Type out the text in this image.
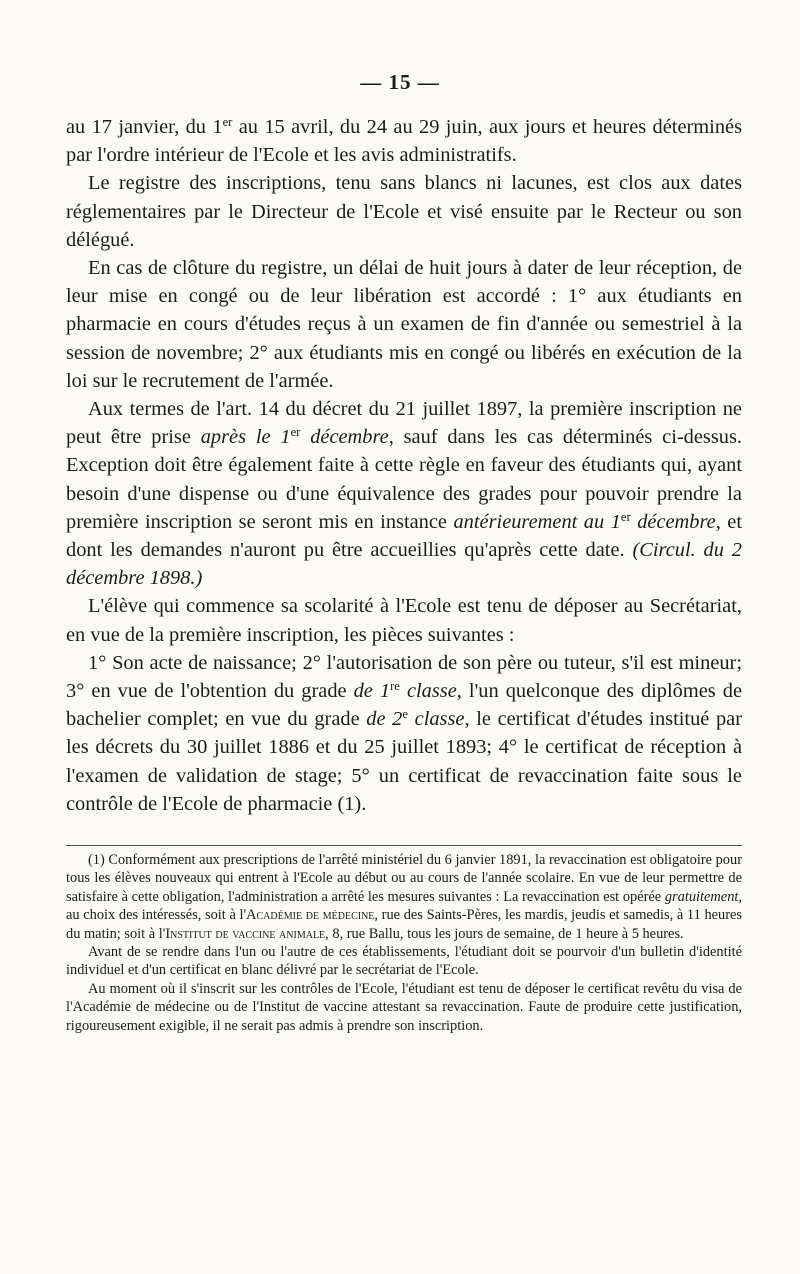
— 15 —

au 17 janvier, du 1er au 15 avril, du 24 au 29 juin, aux jours et heures déterminés par l'ordre intérieur de l'Ecole et les avis administratifs.

Le registre des inscriptions, tenu sans blancs ni lacunes, est clos aux dates réglementaires par le Directeur de l'Ecole et visé ensuite par le Recteur ou son délégué.

En cas de clôture du registre, un délai de huit jours à dater de leur réception, de leur mise en congé ou de leur libération est accordé : 1° aux étudiants en pharmacie en cours d'études reçus à un examen de fin d'année ou semestriel à la session de novembre; 2° aux étudiants mis en congé ou libérés en exécution de la loi sur le recrutement de l'armée.

Aux termes de l'art. 14 du décret du 21 juillet 1897, la première inscription ne peut être prise après le 1er décembre, sauf dans les cas déterminés ci-dessus. Exception doit être également faite à cette règle en faveur des étudiants qui, ayant besoin d'une dispense ou d'une équivalence des grades pour pouvoir prendre la première inscription se seront mis en instance antérieurement au 1er décembre, et dont les demandes n'auront pu être accueillies qu'après cette date. (Circul. du 2 décembre 1898.)

L'élève qui commence sa scolarité à l'Ecole est tenu de déposer au Secrétariat, en vue de la première inscription, les pièces suivantes :

1° Son acte de naissance; 2° l'autorisation de son père ou tuteur, s'il est mineur; 3° en vue de l'obtention du grade de 1re classe, l'un quelconque des diplômes de bachelier complet; en vue du grade de 2e classe, le certificat d'études institué par les décrets du 30 juillet 1886 et du 25 juillet 1893; 4° le certificat de réception à l'examen de validation de stage; 5° un certificat de revaccination faite sous le contrôle de l'Ecole de pharmacie (1).

(1) Conformément aux prescriptions de l'arrêté ministériel du 6 janvier 1891, la revaccination est obligatoire pour tous les élèves nouveaux qui entrent à l'Ecole au début ou au cours de l'année scolaire. En vue de leur permettre de satisfaire à cette obligation, l'administration a arrêté les mesures suivantes : La revaccination est opérée gratuitement, au choix des intéressés, soit à l'Académie de médecine, rue des Saints-Pères, les mardis, jeudis et samedis, à 11 heures du matin; soit à l'Institut de vaccine animale, 8, rue Ballu, tous les jours de semaine, de 1 heure à 5 heures.

Avant de se rendre dans l'un ou l'autre de ces établissements, l'étudiant doit se pourvoir d'un bulletin d'identité individuel et d'un certificat en blanc délivré par le secrétariat de l'Ecole.

Au moment où il s'inscrit sur les contrôles de l'Ecole, l'étudiant est tenu de déposer le certificat revêtu du visa de l'Académie de médecine ou de l'Institut de vaccine attestant sa revaccination. Faute de produire cette justification, rigoureusement exigible, il ne serait pas admis à prendre son inscription.
